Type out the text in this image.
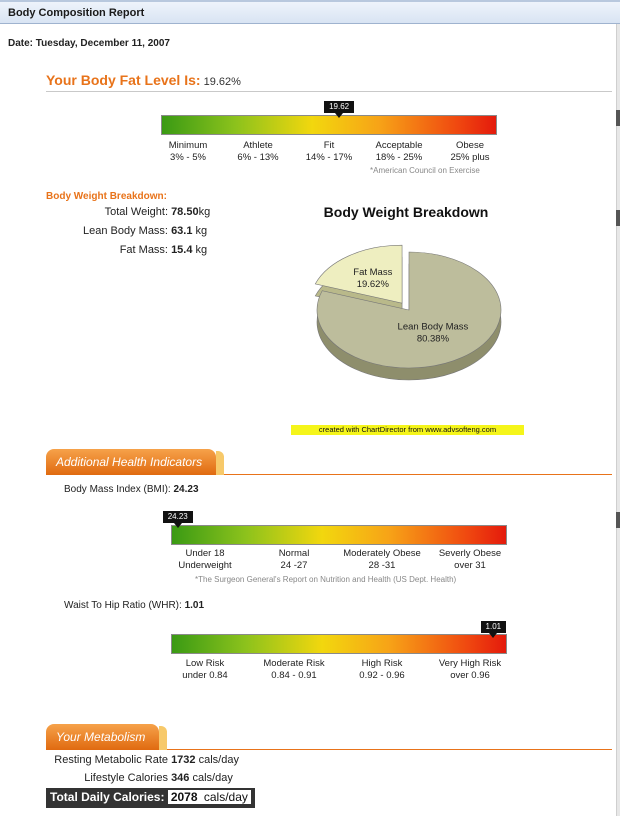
Body Composition Report
Date: Tuesday, December 11, 2007
Your Body Fat Level Is: 19.62%
19.62
Minimum
3% - 5%
Athlete
6% - 13%
Fit
14% - 17%
Acceptable
18% - 25%
Obese
25% plus
*American Council on Exercise
Body Weight Breakdown:
Total Weight: 78.50kg
Lean Body Mass: 63.1 kg
Fat Mass: 15.4 kg
Body Weight Breakdown
Fat Mass
19.62%
Lean Body Mass
80.38%
created with ChartDirector from www.advsofteng.com
Additional Health Indicators
Body Mass Index (BMI): 24.23
24.23
Under 18
Underweight
Normal
24 -27
Moderately Obese
28 -31
Severly Obese
over 31
*The Surgeon General's Report on Nutrition and Health (US Dept. Health)
Waist To Hip Ratio (WHR): 1.01
1.01
Low Risk
under 0.84
Moderate Risk
0.84 - 0.91
High Risk
0.92 - 0.96
Very High Risk
over 0.96
Your Metabolism
Resting Metabolic Rate 1732 cals/day
Lifestyle Calories 346 cals/day
Total Daily Calories: 2078 cals/day
